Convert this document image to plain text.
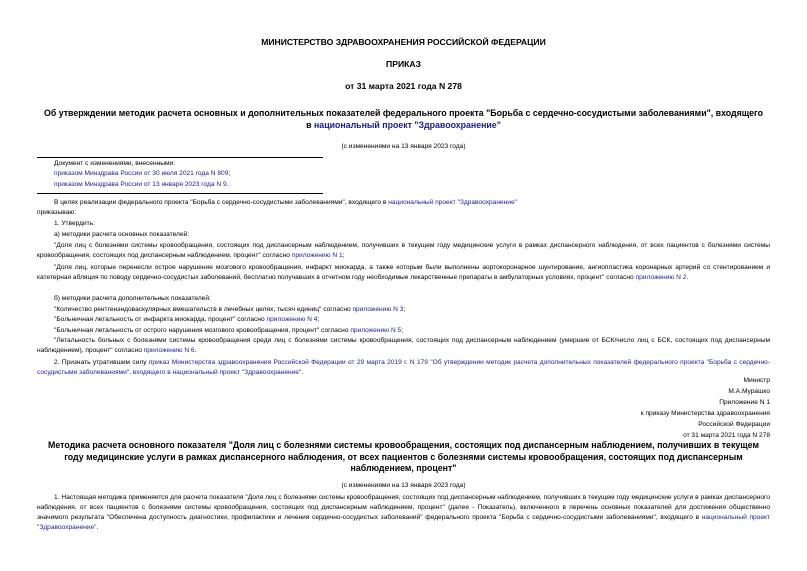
МИНИСТЕРСТВО ЗДРАВООХРАНЕНИЯ РОССИЙСКОЙ ФЕДЕРАЦИИ
ПРИКАЗ
от 31 марта 2021 года N 278
Об утверждении методик расчета основных и дополнительных показателей федерального проекта "Борьба с сердечно-сосудистыми заболеваниями", входящего
в национальный проект "Здравоохранение"
(с изменениями на 13 января 2023 года)
Документ с изменениями, внесенными:
приказом Минздрава России от 30 июля 2021 года N 809;
приказом Минздрава России от 13 января 2023 года N 9.
В целях реализации федерального проекта "Борьба с сердечно-сосудистыми заболеваниями", входящего в национальный проект "Здравоохранение"
приказываю:
1. Утвердить:
а) методики расчета основных показателей:
"Доля лиц с болезнями системы кровообращения, состоящих под диспансерным наблюдением, получивших в текущем году медицинские услуги в рамках диспансерного наблюдения, от всех пациентов с болезнями системы кровообращения, состоящих под диспансерным наблюдением, процент" согласно приложению N 1;
"Доля лиц, которые перенесли острое нарушение мозгового кровообращения, инфаркт миокарда, а также которым были выполнены аортокоронарное шунтирование, ангиопластика коронарных артерий со стентированием и катетерная абляция по поводу сердечно-сосудистых заболеваний, бесплатно получавших в отчетном году необходимые лекарственные препараты в амбулаторных условиях, процент" согласно приложению N 2.
б) методики расчета дополнительных показателей:
"Количество рентгенэндоваскулярных вмешательств в лечебных целях, тысяч единиц" согласно приложению N 3;
"Больничная летальность от инфаркта миокарда, процент" согласно приложению N 4;
"Больничная летальность от острого нарушения мозгового кровообращения, процент" согласно приложению N 5;
"Летальность больных с болезнями системы кровообращения среди лиц с болезнями системы кровообращения, состоящих под диспансерным наблюдением (умершие от БСК/число лиц с БСК, состоящих под диспансерным наблюдением), процент" согласно приложению N 6.
2. Признать утратившим силу приказ Министерства здравоохранения Российской Федерации от 29 марта 2019 г. N 179 "Об утверждении методик расчета дополнительных показателей федерального проекта "Борьба с сердечно-сосудистыми заболеваниями", входящего в национальный проект "Здравоохранение".
Министр
М.А.Мурашко
Приложение N 1
к приказу Министерства здравоохранения
Российской Федерации
от 31 марта 2021 года N 278
Методика расчета основного показателя "Доля лиц с болезнями системы кровообращения, состоящих под диспансерным наблюдением, получивших в текущем
году медицинские услуги в рамках диспансерного наблюдения, от всех пациентов с болезнями системы кровообращения, состоящих под диспансерным
наблюдением, процент"
(с изменениями на 13 января 2023 года)
1. Настоящая методика применяется для расчета показателя "Доля лиц с болезнями системы кровообращения, состоящих под диспансерным наблюдением, получивших в текущем году медицинские услуги в рамках диспансерного наблюдения, от всех пациентов с болезнями системы кровообращения, состоящих под диспансерным наблюдением, процент" (далее - Показатель), включенного в перечень основных показателей для достижения общественно значимого результата "Обеспечена доступность диагностики, профилактики и лечения сердечно-сосудистых заболеваний" федерального проекта "Борьба с сердечно-сосудистыми заболеваниями", входящего в национальный проект "Здравоохранение".
